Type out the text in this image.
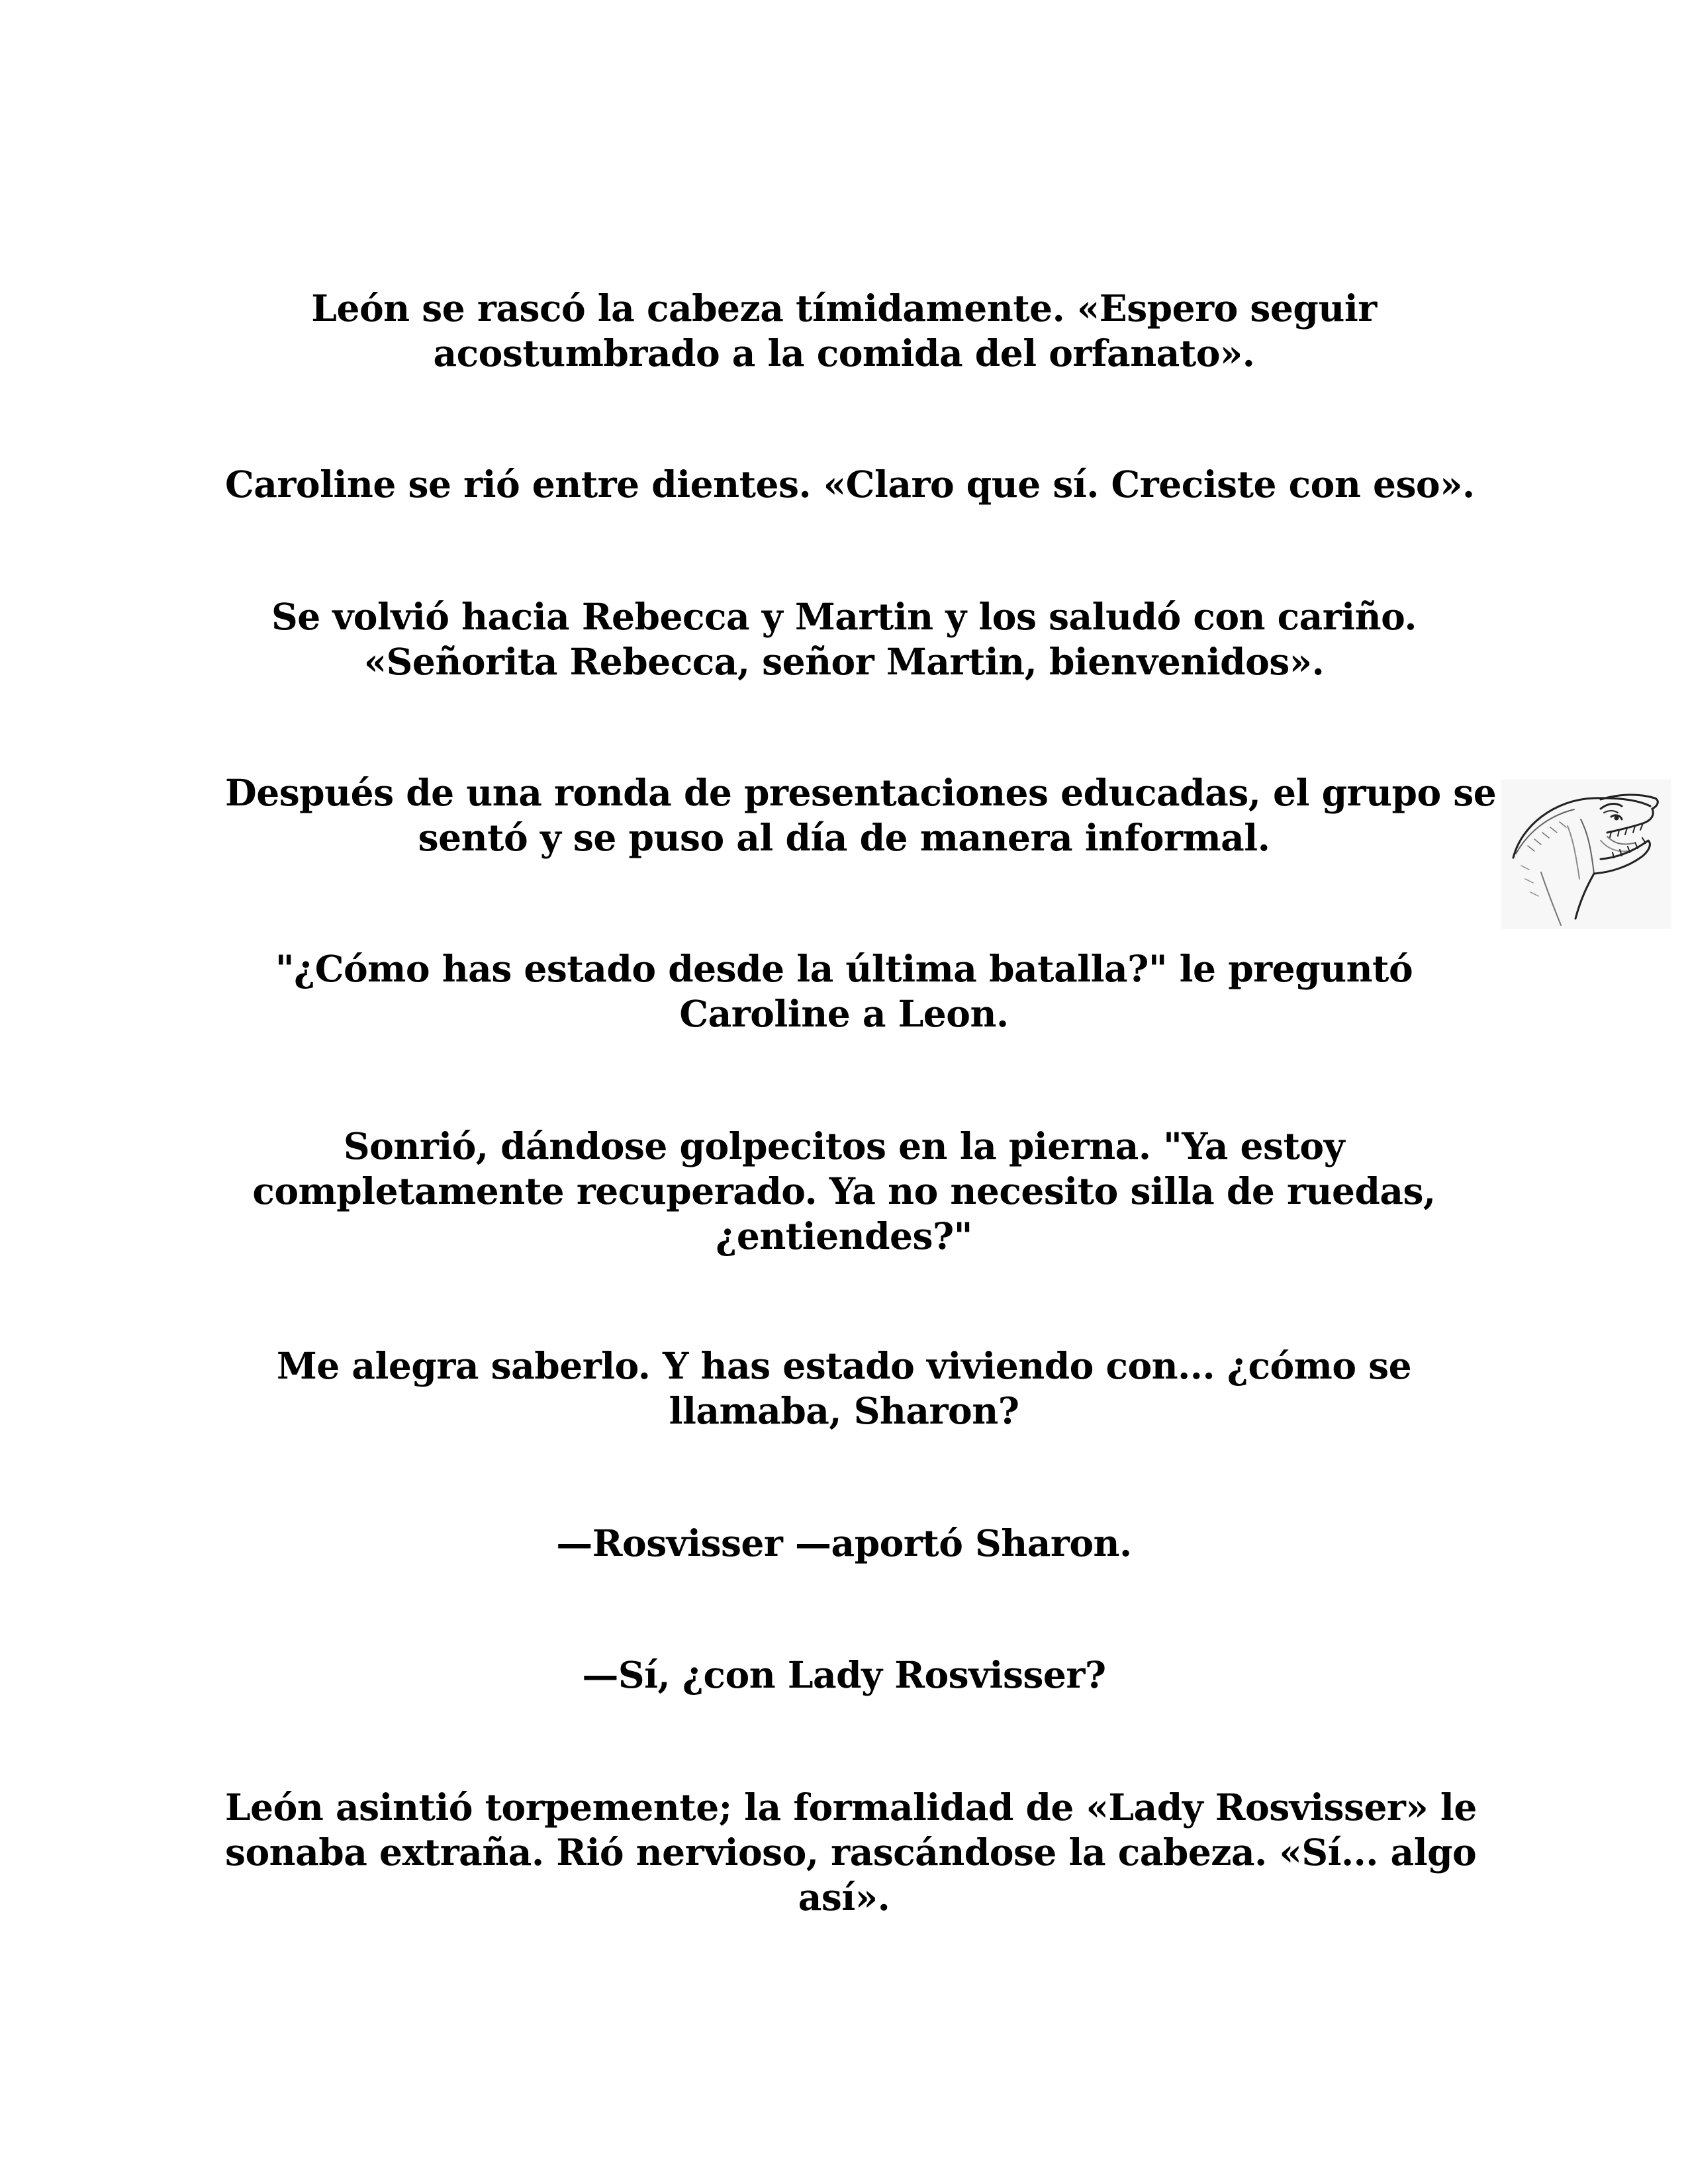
León se rascó la cabeza tímidamente. «Espero seguir
acostumbrado a la comida del orfanato».

Caroline se rió entre dientes. «Claro que sí. Creciste con eso».

Se volvió hacia Rebecca y Martin y los saludó con cariño.
«Señorita Rebecca, señor Martin, bienvenidos».

Después de una ronda de presentaciones educadas, el grupo se
sentó y se puso al día de manera informal.

"¿Cómo has estado desde la última batalla?" le preguntó
Caroline a Leon.

Sonrió, dándose golpecitos en la pierna. "Ya estoy
completamente recuperado. Ya no necesito silla de ruedas,
¿entiendes?"

Me alegra saberlo. Y has estado viviendo con... ¿cómo se
llamaba, Sharon?

—Rosvisser —aportó Sharon.

—Sí, ¿con Lady Rosvisser?

León asintió torpemente; la formalidad de «Lady Rosvisser» le
sonaba extraña. Rió nervioso, rascándose la cabeza. «Sí... algo
así».
